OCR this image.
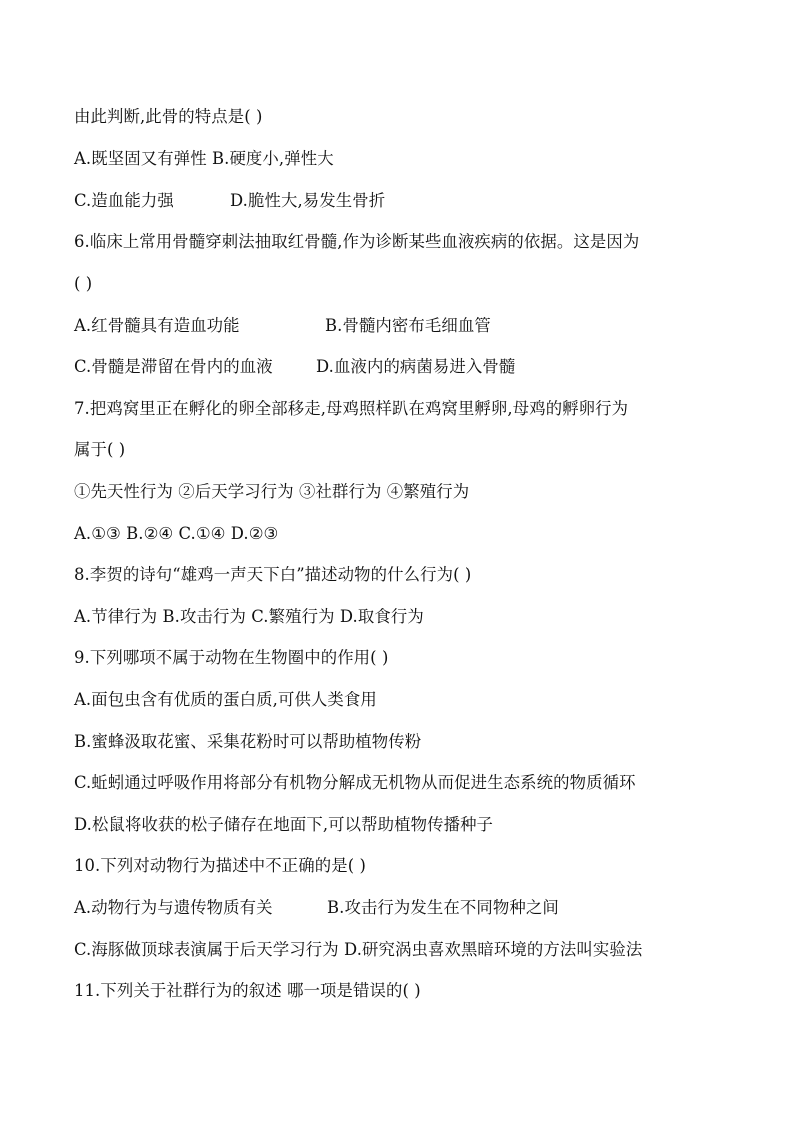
由此判断,此骨的特点是( )
A.既坚固又有弹性 B.硬度小,弹性大
C.造血能力强	D.脆性大,易发生骨折
6.临床上常用骨髓穿刺法抽取红骨髓,作为诊断某些血液疾病的依据。这是因为
( )
A.红骨髓具有造血功能	B.骨髓内密布毛细血管
C.骨髓是滞留在骨内的血液	D.血液内的病菌易进入骨髓
7.把鸡窝里正在孵化的卵全部移走,母鸡照样趴在鸡窝里孵卵,母鸡的孵卵行为
属于( )
①先天性行为 ②后天学习行为 ③社群行为 ④繁殖行为
A.①③ B.②④ C.①④ D.②③
8.李贺的诗句“雄鸡一声天下白”描述动物的什么行为( )
A.节律行为 B.攻击行为 C.繁殖行为 D.取食行为
9.下列哪项不属于动物在生物圈中的作用( )
A.面包虫含有优质的蛋白质,可供人类食用
B.蜜蜂汲取花蜜、采集花粉时可以帮助植物传粉
C.蚯蚓通过呼吸作用将部分有机物分解成无机物从而促进生态系统的物质循环
D.松鼠将收获的松子储存在地面下,可以帮助植物传播种子
10.下列对动物行为描述中不正确的是( )
A.动物行为与遗传物质有关	B.攻击行为发生在不同物种之间
C.海豚做顶球表演属于后天学习行为 D.研究涡虫喜欢黑暗环境的方法叫实验法
11.下列关于社群行为的叙述 哪一项是错误的( )
